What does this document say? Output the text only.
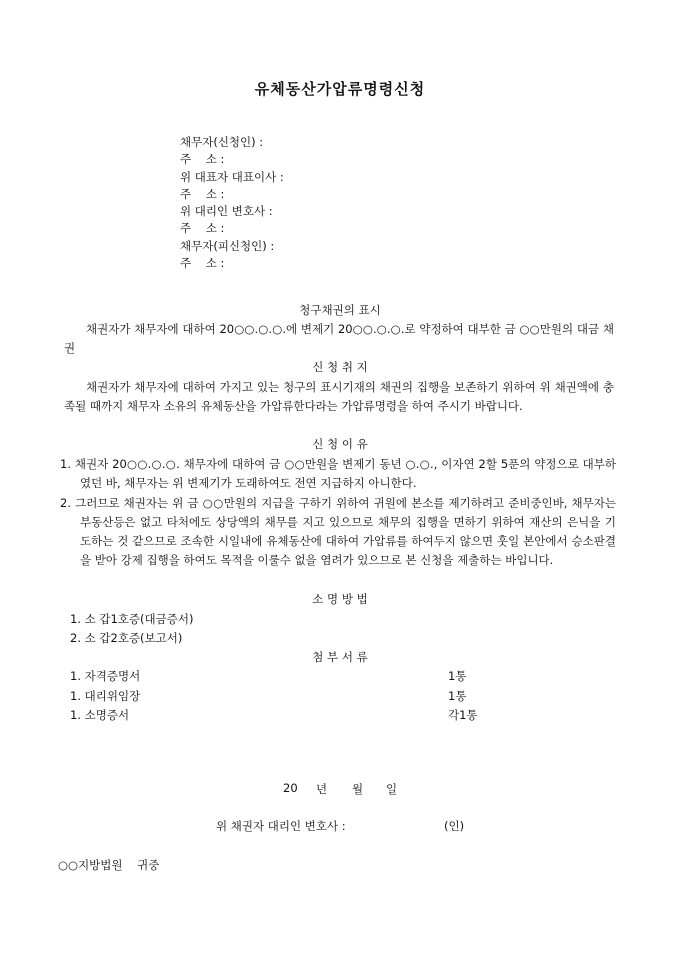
유체동산가압류명령신청
채무자(신청인) :
주    소 :
위 대표자 대표이사 :
주    소 :
위 대리인 변호사 :
주    소 :
채무자(피신청인) :
주    소 :
청구채권의 표시
채권자가 채무자에 대하여 20○○.○.○.에 변제기 20○○.○.○.로 약정하여 대부한 금 ○○만원의 대금 채권
신 청 취 지
채권자가 채무자에 대하여 가지고 있는 청구의 표시기재의 채권의 집행을 보존하기 위하여 위 채권액에 충족될 때까지 채무자 소유의 유체동산을 가압류한다라는 가압류명령을 하여 주시기 바랍니다.
신 청 이 유
1. 채권자 20○○.○.○. 채무자에 대하여 금 ○○만원을 변제기 동년 ○.○., 이자연 2할 5푼의 약정으로 대부하였던 바, 채무자는 위 변제기가 도래하여도 전연 지급하지 아니한다.
2. 그러므로 채권자는 위 금 ○○만원의 지급을 구하기 위하여 귀원에 본소를 제기하려고 준비중인바, 채무자는 부동산등은 없고 타처에도 상당액의 채무를 지고 있으므로 채무의 집행을 면하기 위하여 재산의 은닉을 기도하는 것 같으므로 조속한 시일내에 유체동산에 대하여 가압류를 하여두지 않으면 훗일 본안에서 승소판결을 받아 강제 집행을 하여도 목적을 이룰수 없을 염려가 있으므로 본 신청을 제출하는 바입니다.
소 명 방 법
1. 소 갑1호증(대금증서)
2. 소 갑2호증(보고서)
첨 부 서 류
1. 자격증명서	1통
1. 대리위임장	1통
1. 소명증서	각1통
20 년 월 일
위 채권자 대리인 변호사 :	(인)
○○지방법원    귀중
